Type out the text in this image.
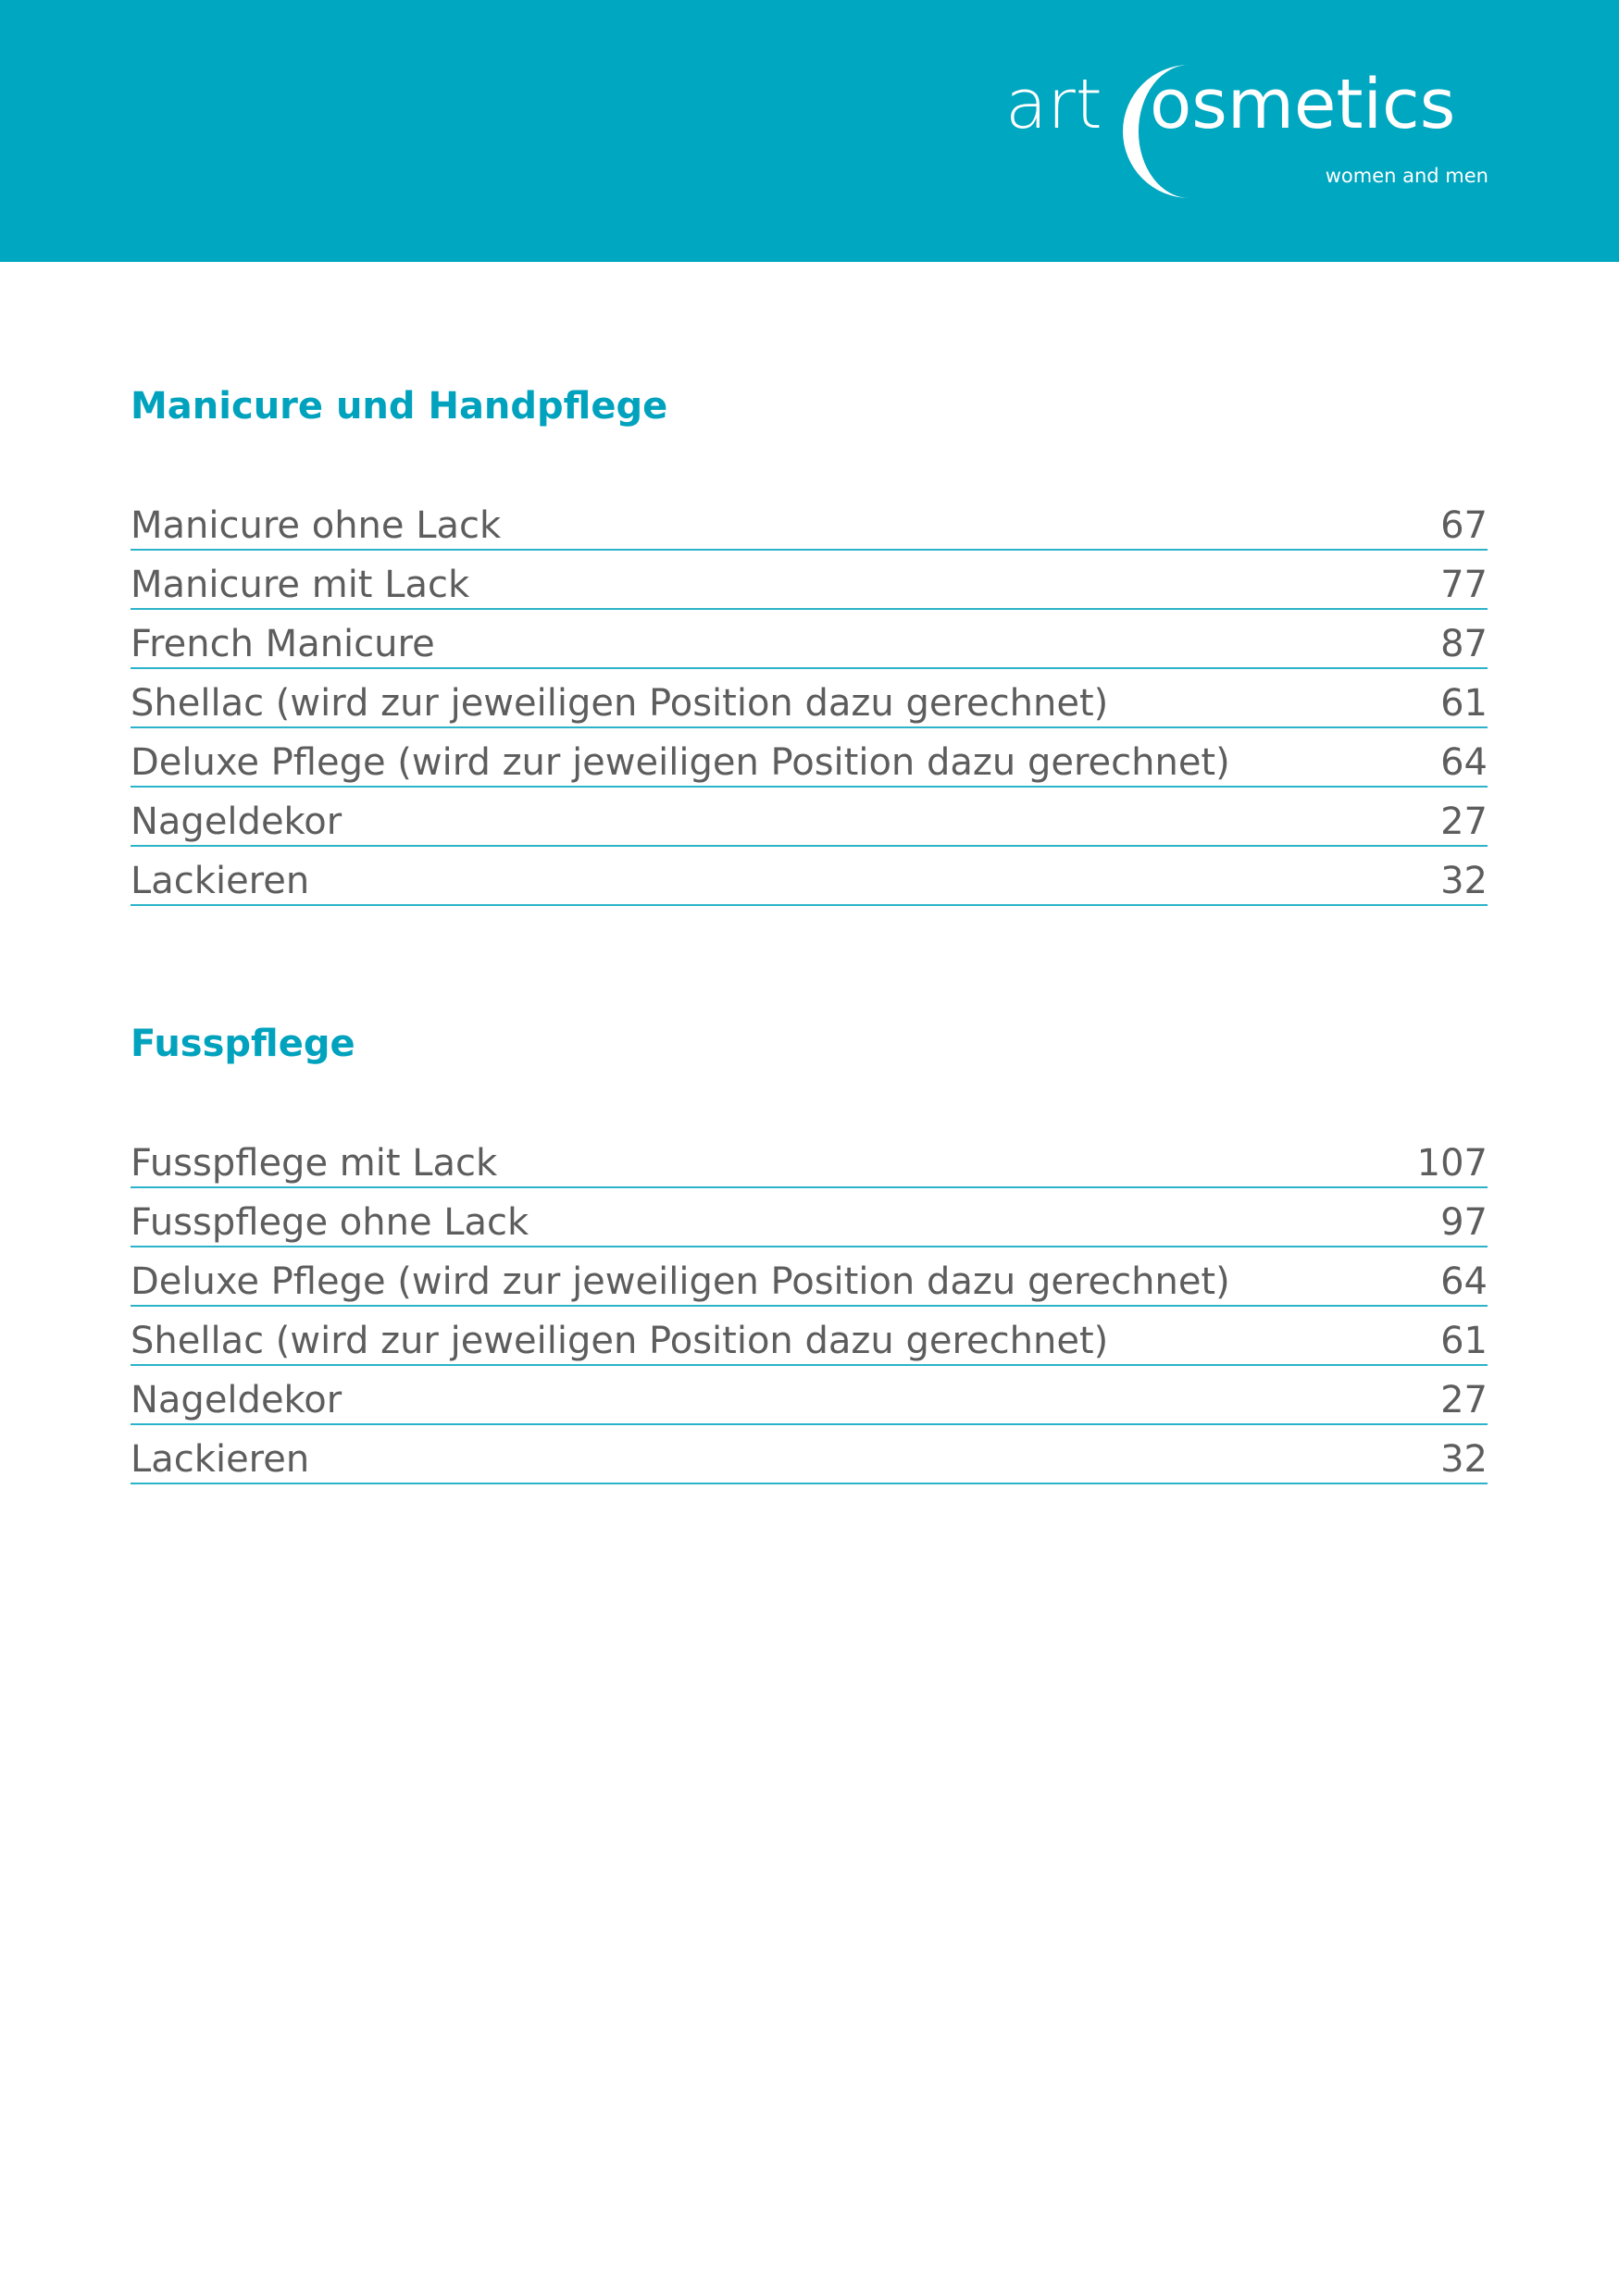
art osmetics
women and men
Manicure und Handpflege
Manicure ohne Lack	67
Manicure mit Lack	77
French Manicure	87
Shellac (wird zur jeweiligen Position dazu gerechnet)	61
Deluxe Pflege (wird zur jeweiligen Position dazu gerechnet)	64
Nageldekor	27
Lackieren	32
Fusspflege
Fusspflege mit Lack	107
Fusspflege ohne Lack	97
Deluxe Pflege (wird zur jeweiligen Position dazu gerechnet)	64
Shellac (wird zur jeweiligen Position dazu gerechnet)	61
Nageldekor	27
Lackieren	32
